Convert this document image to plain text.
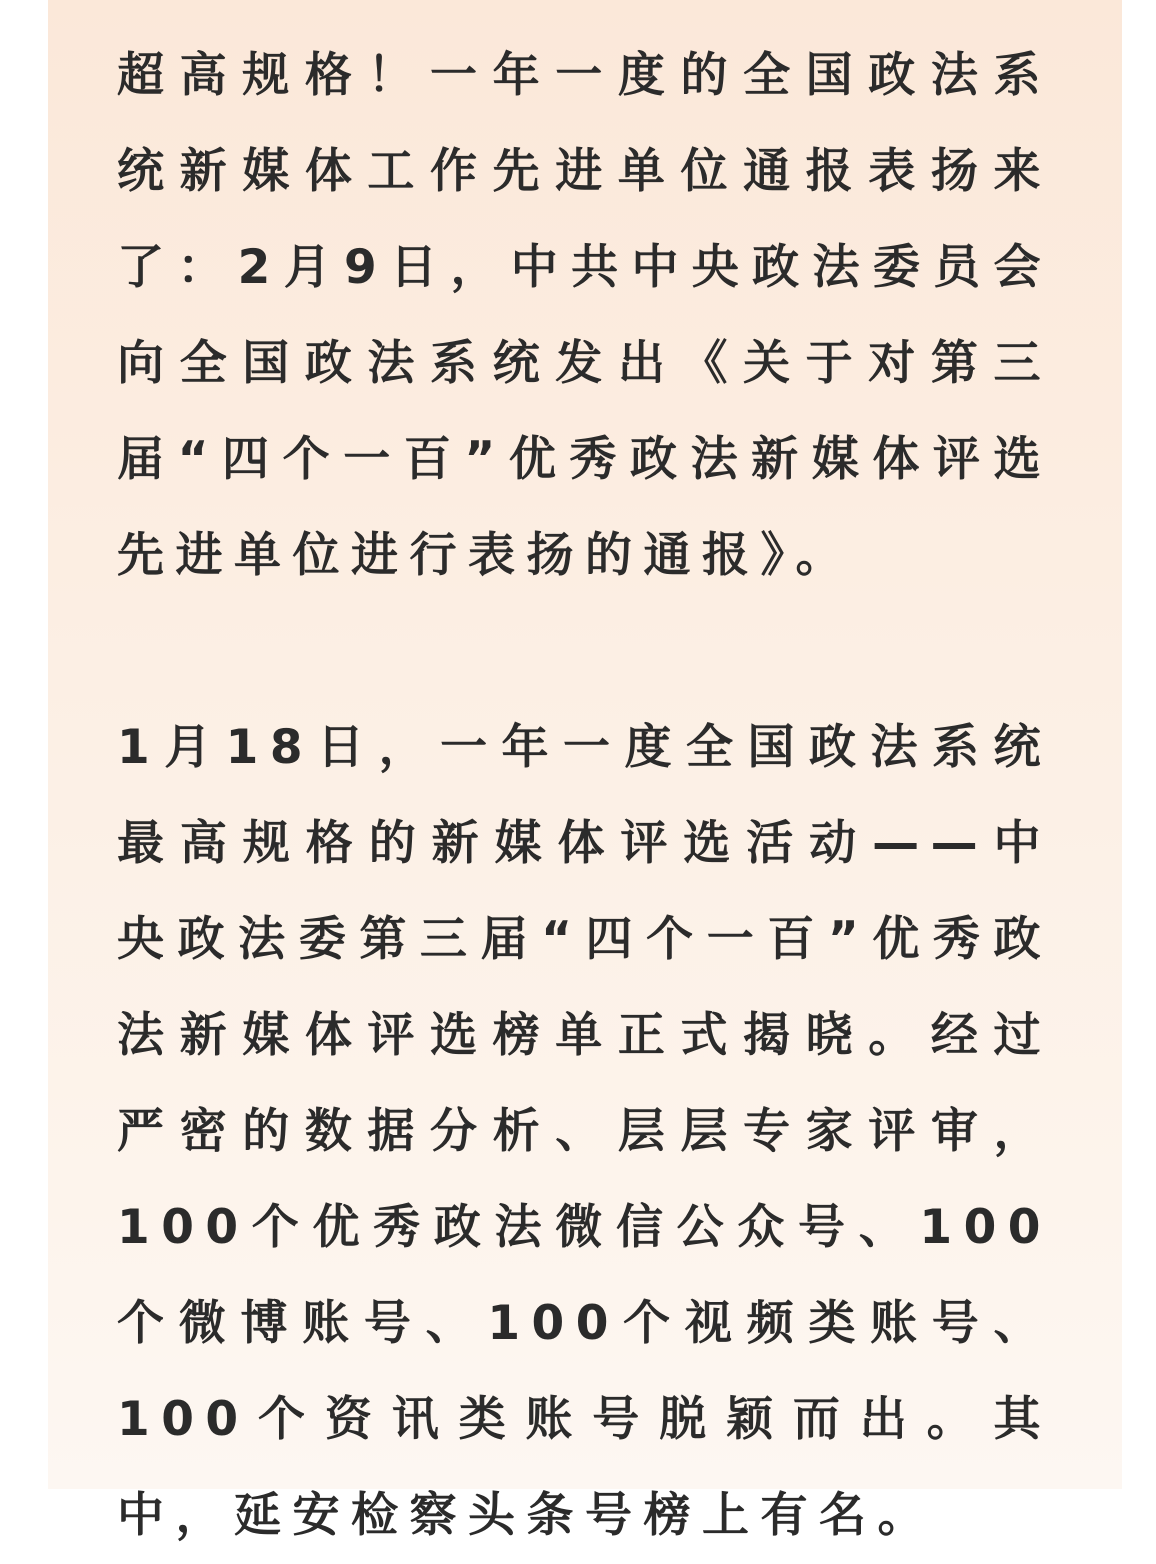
超高规格！一年一度的全国政法系统新媒体工作先进单位通报表扬来了：2月9日，中共中央政法委员会向全国政法系统发出《关于对第三届“四个一百”优秀政法新媒体评选先进单位进行表扬的通报》。

1月18日，一年一度全国政法系统最高规格的新媒体评选活动——中央政法委第三届“四个一百”优秀政法新媒体评选榜单正式揭晓。经过严密的数据分析、层层专家评审，100个优秀政法微信公众号、100个微博账号、100个视频类账号、100个资讯类账号脱颖而出。其中，延安检察头条号榜上有名。
